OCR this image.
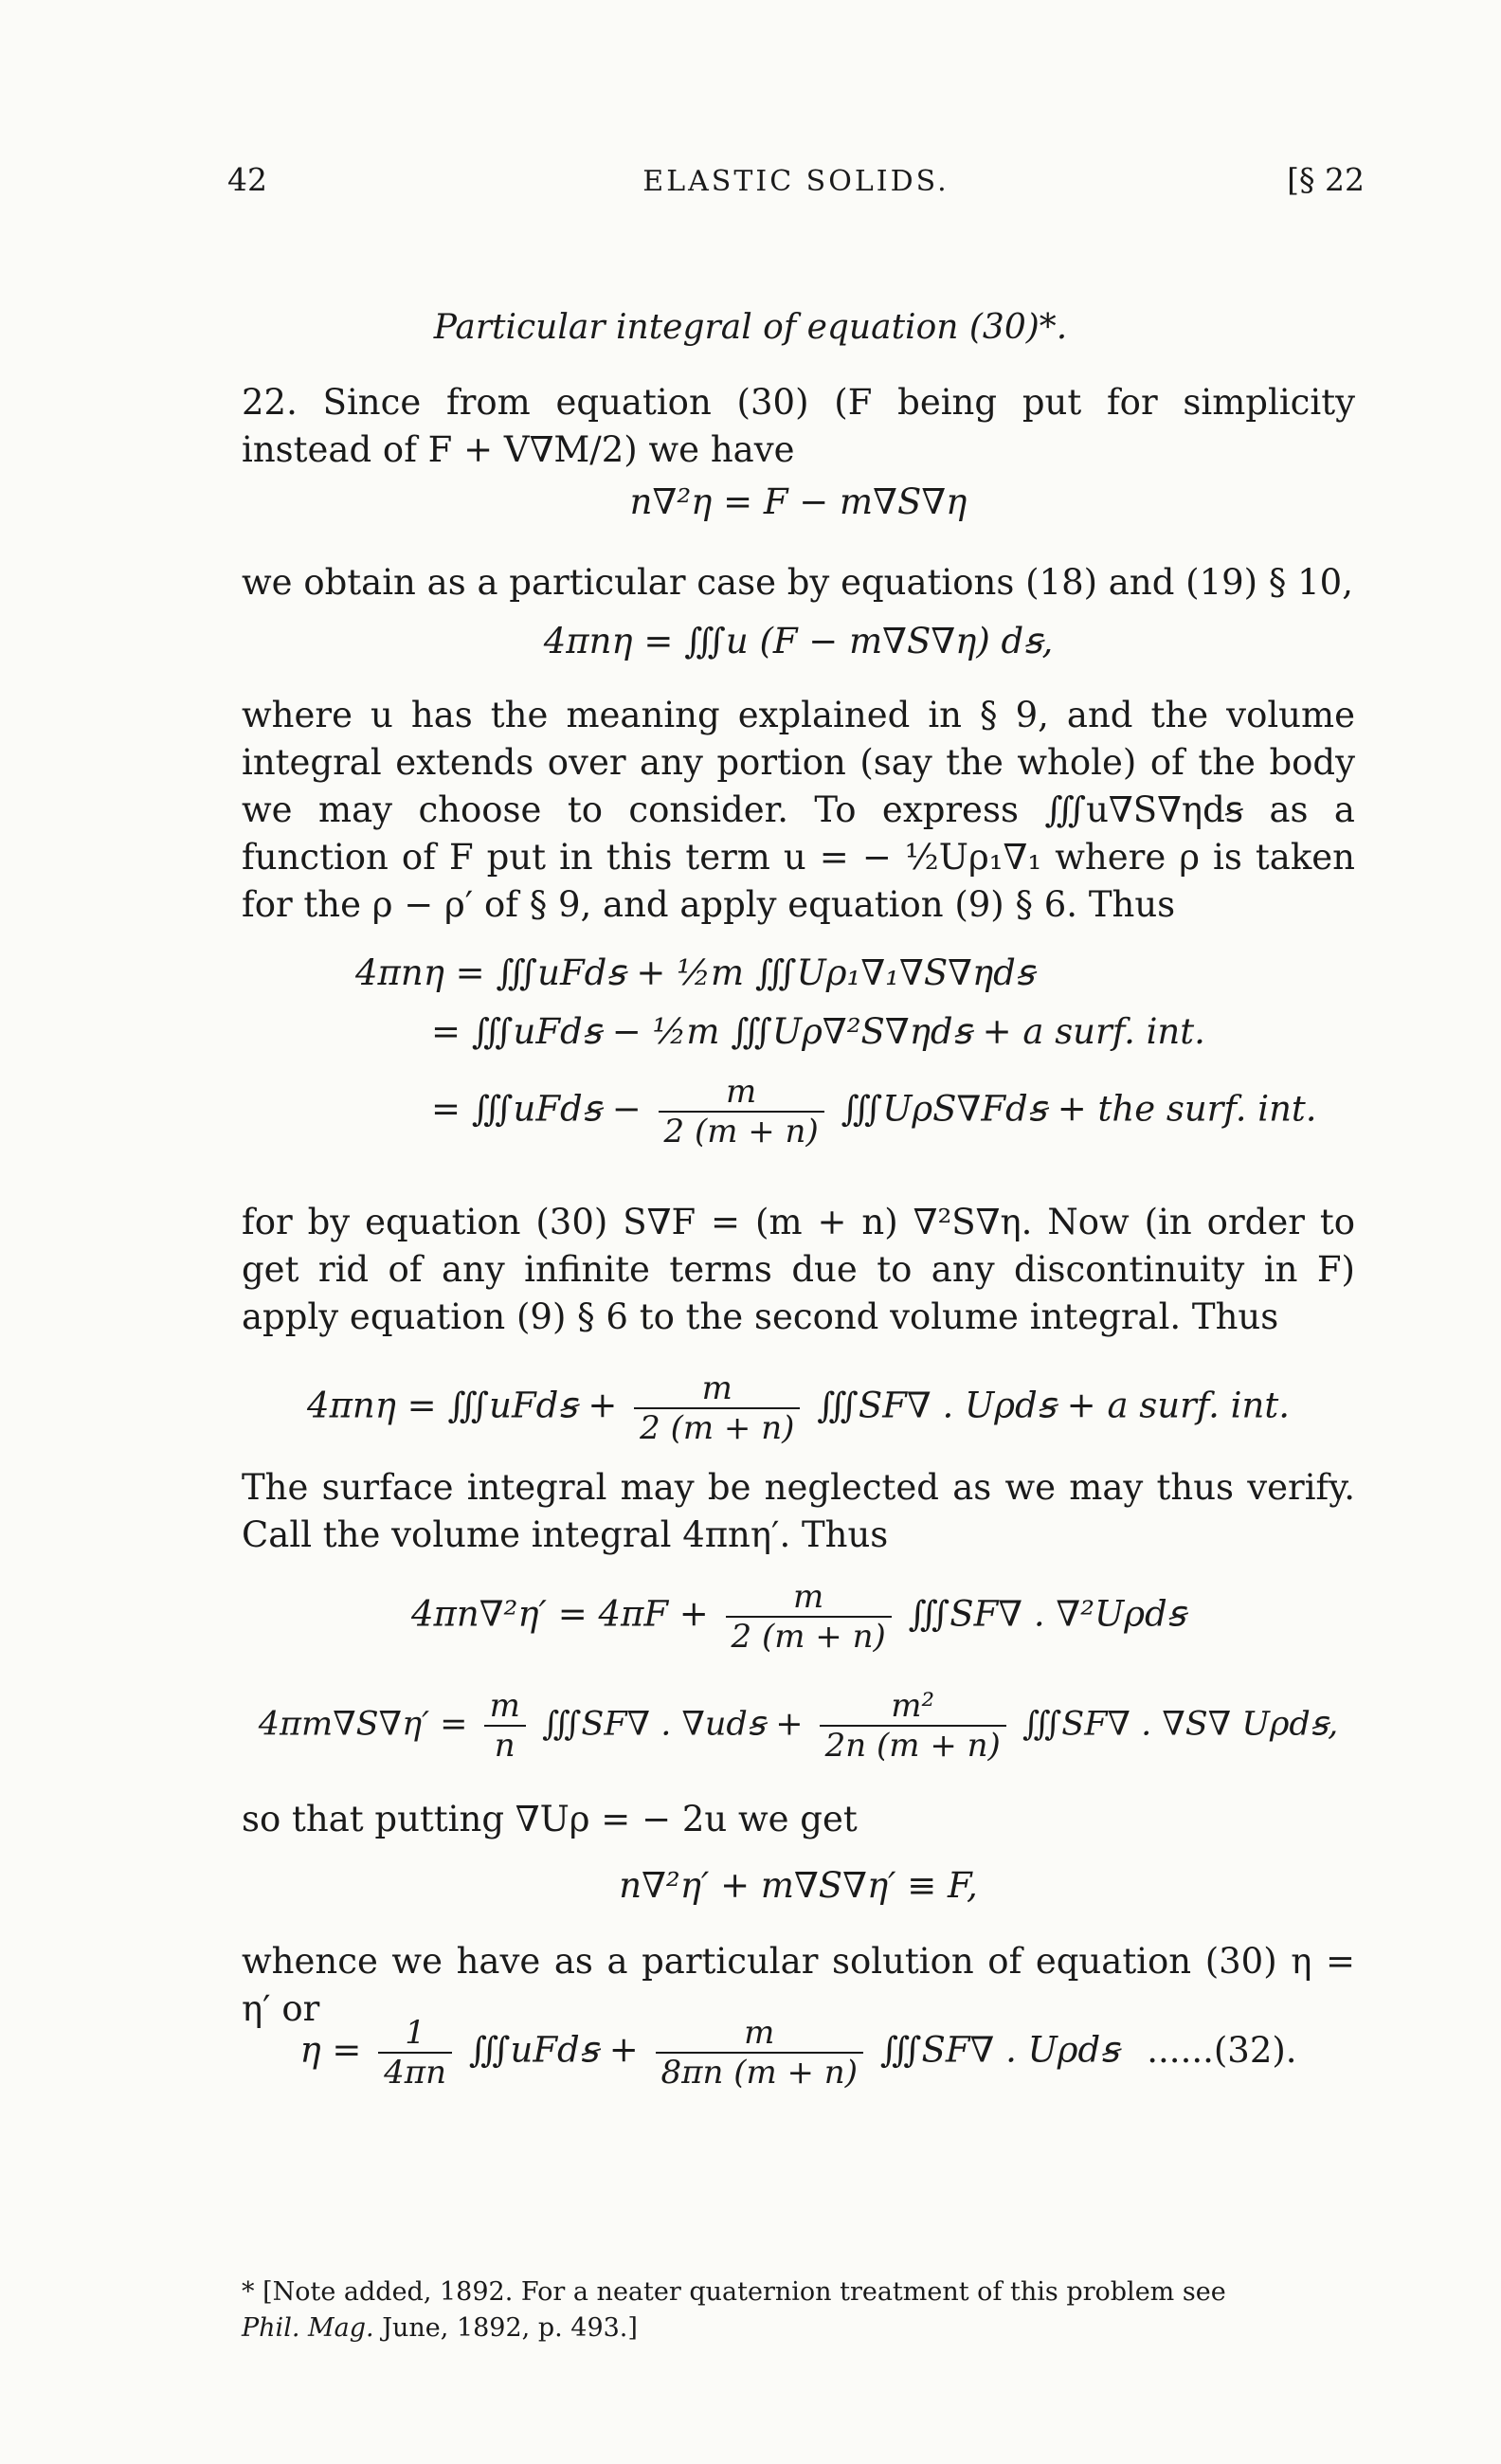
42	ELASTIC SOLIDS.	[§ 22
Particular integral of equation (30)*.
22. Since from equation (30) (F being put for simplicity instead of F + V∇M/2) we have
n∇²η = F − m∇S∇η
we obtain as a particular case by equations (18) and (19) § 10,
4πnη = ∭u (F − m∇S∇η) dꞩ,
where u has the meaning explained in § 9, and the volume integral extends over any portion (say the whole) of the body we may choose to consider. To express ∭u∇S∇ηdꞩ as a function of F put in this term u = − ½Uρ₁∇₁ where ρ is taken for the ρ − ρ′ of § 9, and apply equation (9) § 6. Thus
4πnη = ∭uFdꞩ + ½m ∭Uρ₁∇₁∇S∇ηdꞩ
= ∭uFdꞩ − ½m ∭Uρ∇²S∇ηdꞩ + a surf. int.
= ∭uFdꞩ − $\frac{m}{2 (m + n)}$ ∭UρS∇Fdꞩ + the surf. int.
for by equation (30) S∇F = (m + n) ∇²S∇η. Now (in order to get rid of any infinite terms due to any discontinuity in F) apply equation (9) § 6 to the second volume integral. Thus
4πnη = ∭uFdꞩ + $\frac{m}{2 (m + n)}$ ∭SF∇ . Uρdꞩ + a surf. int.
The surface integral may be neglected as we may thus verify. Call the volume integral 4πnη′. Thus
$4\pi n\nabla^2\eta' = 4\pi F + \frac{m}{2 (m + n)}$ ∭SF∇ . ∇²Uρdꞩ
$4\pi m\nabla S\nabla\eta' = \frac{m}{n}$ ∭SF∇ . ∇udꞩ + $\frac{\text{m²}}{2n (m + n)}$ ∭SF∇ . ∇S∇ Uρdꞩ,
so that putting ∇Uρ = − 2u we get
n∇²η′ + m∇S∇η′ ≡ F,
whence we have as a particular solution of equation (30) η = η′ or
$\eta = \frac{1}{4\pi n}$ ∭uFdꞩ + $\frac{m}{8\pi n (m + n)}$ ∭SF∇ . Uρdꞩ ......(32).
* [Note added, 1892. For a neater quaternion treatment of this problem see
Phil. Mag. June, 1892, p. 493.]
